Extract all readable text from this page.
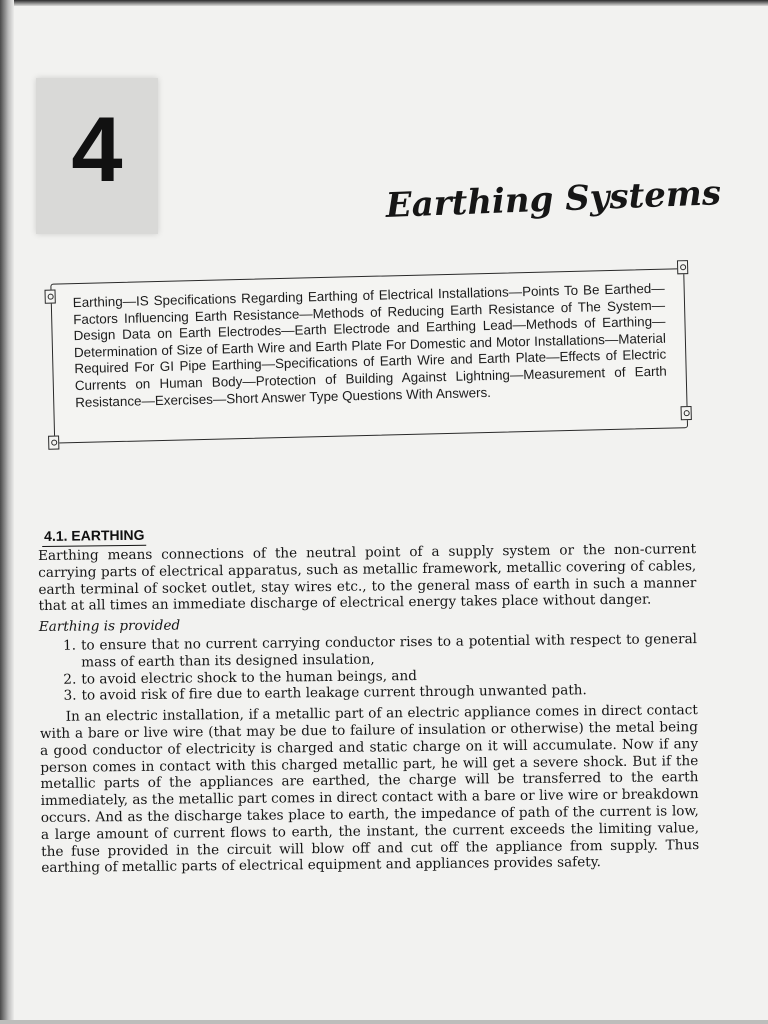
4	Earthing Systems
Earthing—IS Specifications Regarding Earthing of Electrical Installations—Points To Be Earthed—Factors Influencing Earth Resistance—Methods of Reducing Earth Resistance of The System—Design Data on Earth Electrodes—Earth Electrode and Earthing Lead—Methods of Earthing—Determination of Size of Earth Wire and Earth Plate For Domestic and Motor Installations—Material Required For GI Pipe Earthing—Specifications of Earth Wire and Earth Plate—Effects of Electric Currents on Human Body—Protection of Building Against Lightning—Measurement of Earth Resistance—Exercises—Short Answer Type Questions With Answers.
4.1. EARTHING

Earthing means connections of the neutral point of a supply system or the non-current carrying parts of electrical apparatus, such as metallic framework, metallic covering of cables, earth terminal of socket outlet, stay wires etc., to the general mass of earth in such a manner that at all times an immediate discharge of electrical energy takes place without danger.

Earthing is provided

1. to ensure that no current carrying conductor rises to a potential with respect to general mass of earth than its designed insulation,
2. to avoid electric shock to the human beings, and
3. to avoid risk of fire due to earth leakage current through unwanted path.

In an electric installation, if a metallic part of an electric appliance comes in direct contact with a bare or live wire (that may be due to failure of insulation or otherwise) the metal being a good conductor of electricity is charged and static charge on it will accumulate. Now if any person comes in contact with this charged metallic part, he will get a severe shock. But if the metallic parts of the appliances are earthed, the charge will be transferred to the earth immediately, as the metallic part comes in direct contact with a bare or live wire or breakdown occurs. And as the discharge takes place to earth, the impedance of path of the current is low, a large amount of current flows to earth, the instant, the current exceeds the limiting value, the fuse provided in the circuit will blow off and cut off the appliance from supply. Thus earthing of metallic parts of electrical equipment and appliances provides safety.
